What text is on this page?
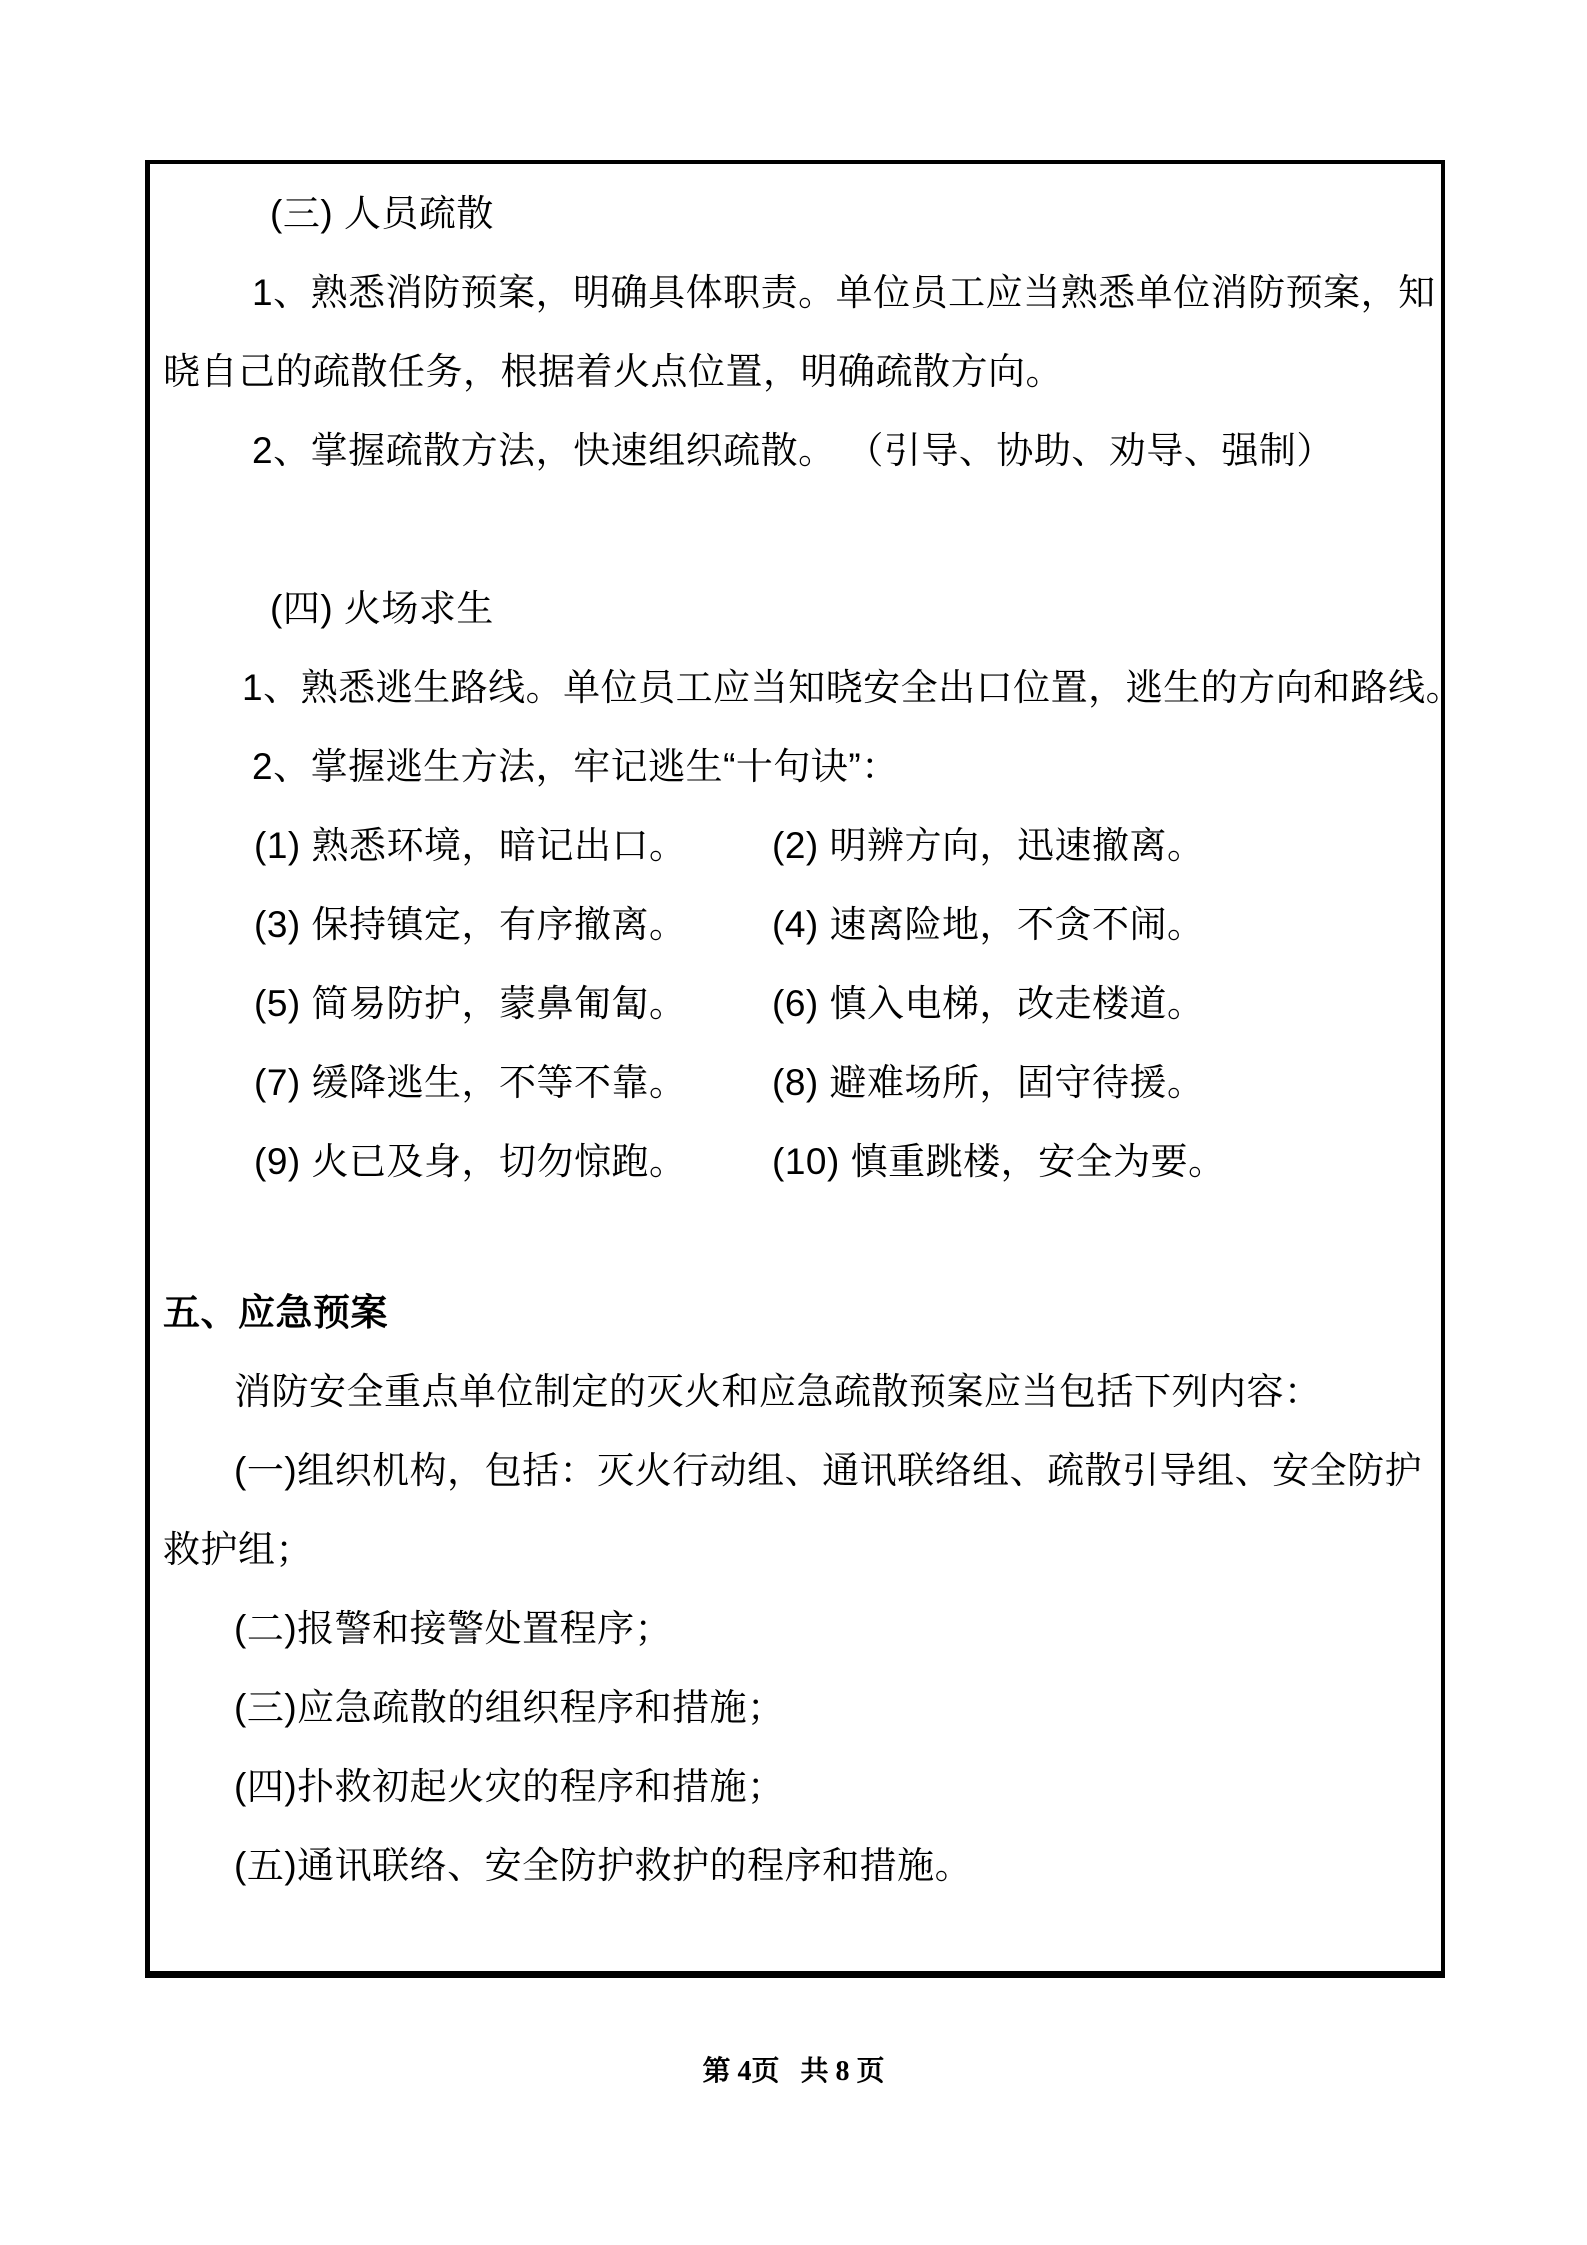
(三) 人员疏散
1、熟悉消防预案，明确具体职责。单位员工应当熟悉单位消防预案，知
晓自己的疏散任务，根据着火点位置，明确疏散方向。
2、掌握疏散方法，快速组织疏散。 （引导、协助、劝导、强制）
(四) 火场求生
1、熟悉逃生路线。单位员工应当知晓安全出口位置，逃生的方向和路线。
2、掌握逃生方法，牢记逃生“十句诀”：
(1) 熟悉环境，暗记出口。	(2) 明辨方向，迅速撤离。
(3) 保持镇定，有序撤离。	(4) 速离险地，不贪不闹。
(5) 简易防护，蒙鼻匍匐。	(6) 慎入电梯，改走楼道。
(7) 缓降逃生，不等不靠。	(8) 避难场所，固守待援。
(9) 火已及身，切勿惊跑。	(10) 慎重跳楼，安全为要。
五、应急预案
消防安全重点单位制定的灭火和应急疏散预案应当包括下列内容：
(一)组织机构，包括：灭火行动组、通讯联络组、疏散引导组、安全防护
救护组；
(二)报警和接警处置程序；
(三)应急疏散的组织程序和措施；
(四)扑救初起火灾的程序和措施；
(五)通讯联络、安全防护救护的程序和措施。
第 4页   共 8 页
